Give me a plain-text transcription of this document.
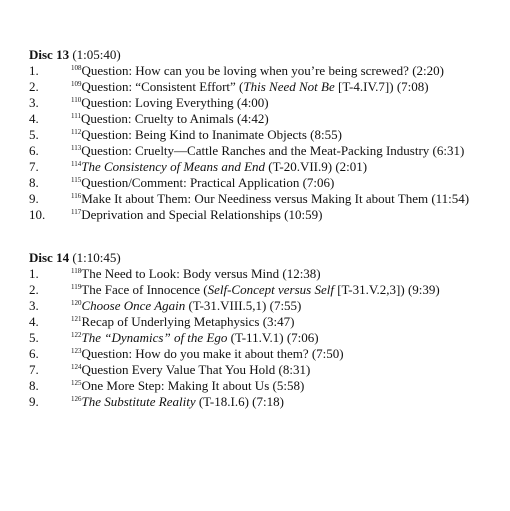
Disc 13 (1:05:40)
1.	$^{108}$Question: How can you be loving when you’re being screwed? (2:20)
2.	$^{109}$Question: “Consistent Effort” (This Need Not Be [T-4.IV.7]) (7:08)
3.	$^{110}$Question: Loving Everything (4:00)
4.	$^{111}$Question: Cruelty to Animals (4:42)
5.	$^{112}$Question: Being Kind to Inanimate Objects (8:55)
6.	$^{113}$Question: Cruelty—Cattle Ranches and the Meat-Packing Industry (6:31)
7.	$^{114}$The Consistency of Means and End (T-20.VII.9) (2:01)
8.	$^{115}$Question/Comment: Practical Application (7:06)
9.	$^{116}$Make It about Them: Our Neediness versus Making It about Them (11:54)
10.	$^{117}$Deprivation and Special Relationships (10:59)
Disc 14 (1:10:45)
1.	$^{118}$The Need to Look: Body versus Mind (12:38)
2.	$^{119}$The Face of Innocence (Self-Concept versus Self [T-31.V.2,3]) (9:39)
3.	$^{120}$Choose Once Again (T-31.VIII.5,1) (7:55)
4.	$^{121}$Recap of Underlying Metaphysics (3:47)
5.	$^{122}$The “Dynamics” of the Ego (T-11.V.1) (7:06)
6.	$^{123}$Question: How do you make it about them? (7:50)
7.	$^{124}$Question Every Value That You Hold (8:31)
8.	$^{125}$One More Step: Making It about Us (5:58)
9.	$^{126}$The Substitute Reality (T-18.I.6) (7:18)
